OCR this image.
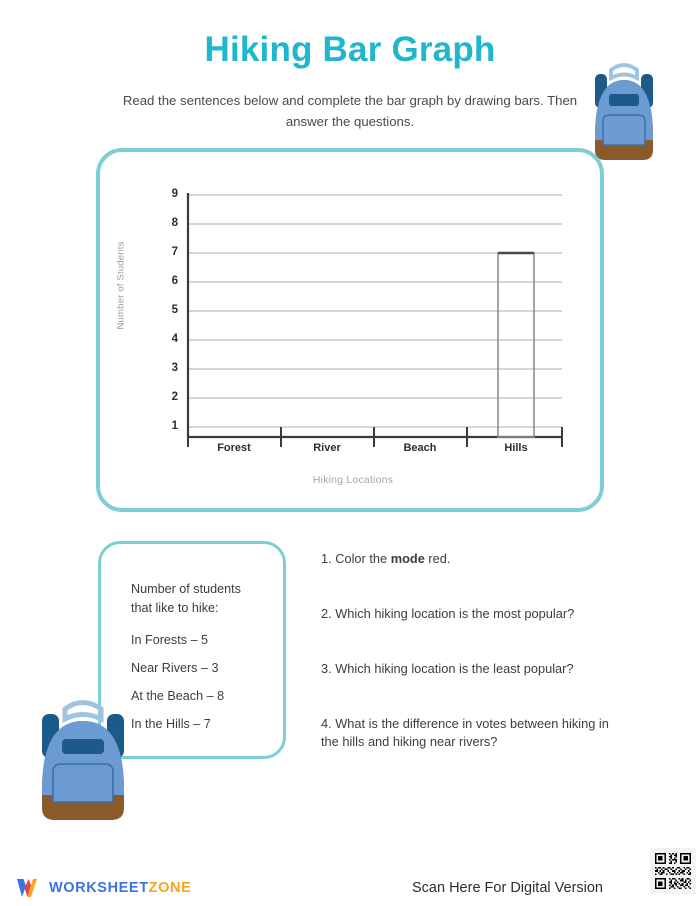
Hiking Bar Graph
Read the sentences below and complete the bar graph by drawing bars. Then answer the questions.
Number of Students
Hiking Locations
9
8
7
6
5
4
3
2
1
Forest	River	Beach	Hills
Number of students
that like to hike:
In Forests – 5
Near Rivers – 3
At the Beach – 8
In the Hills – 7
1. Color the mode red.
2. Which hiking location is the most popular?
3. Which hiking location is the least popular?
4. What is the difference in votes between hiking in the hills and hiking near rivers?
WORKSHEETZONE	Scan Here For Digital Version
